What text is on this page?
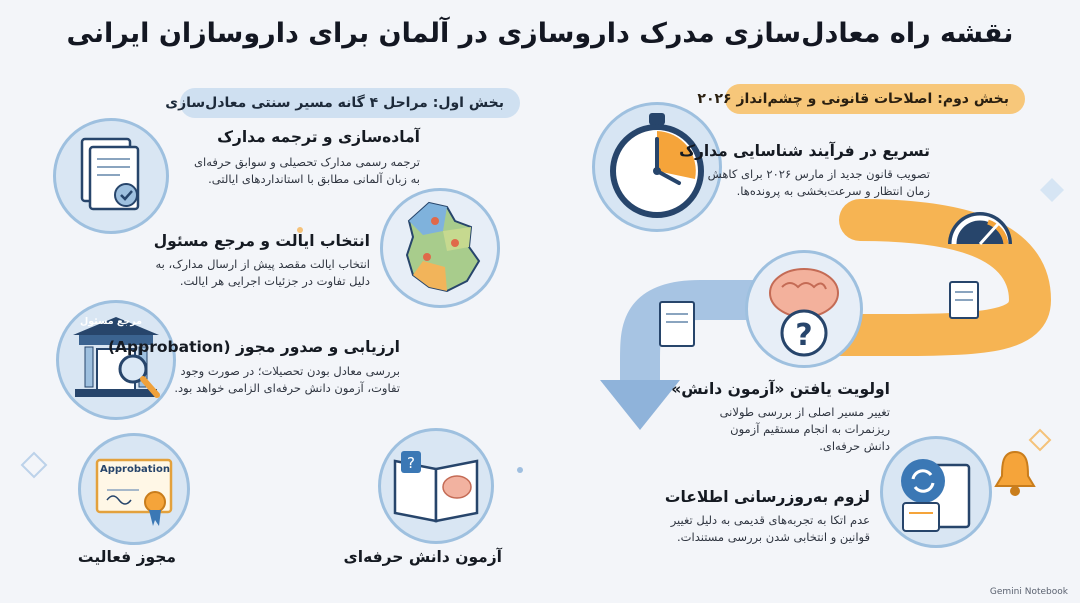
نقشه راه معادل‌سازی مدرک داروسازی در آلمان برای داروسازان ایرانی
بخش اول: مراحل ۴ گانه مسیر سنتی معادل‌سازی
آماده‌سازی و ترجمه مدارک
ترجمه رسمی مدارک تحصیلی و سوابق حرفه‌ای
به زبان آلمانی مطابق با استانداردهای ایالتی.
انتخاب ایالت و مرجع مسئول
انتخاب ایالت مقصد پیش از ارسال مدارک، به
دلیل تفاوت در جزئیات اجرایی هر ایالت.
مرجع مسئول
ارزیابی و صدور مجوز (Approbation)
بررسی معادل بودن تحصیلات؛ در صورت وجود
تفاوت، آزمون دانش حرفه‌ای الزامی خواهد بود.
Approbation
مجوز فعالیت
?
آزمون دانش حرفه‌ای
بخش دوم: اصلاحات قانونی و چشم‌انداز ۲۰۲۶
تسریع در فرآیند شناسایی مدارک
تصویب قانون جدید از مارس ۲۰۲۶ برای کاهش
زمان انتظار و سرعت‌بخشی به پرونده‌ها.
?
اولویت یافتن «آزمون دانش»
تغییر مسیر اصلی از بررسی طولانی
ریزنمرات به انجام مستقیم آزمون
دانش حرفه‌ای.
لزوم به‌روزرسانی اطلاعات
عدم اتکا به تجربه‌های قدیمی به دلیل تغییر
قوانین و انتخابی شدن بررسی مستندات.
Gemini Notebook
